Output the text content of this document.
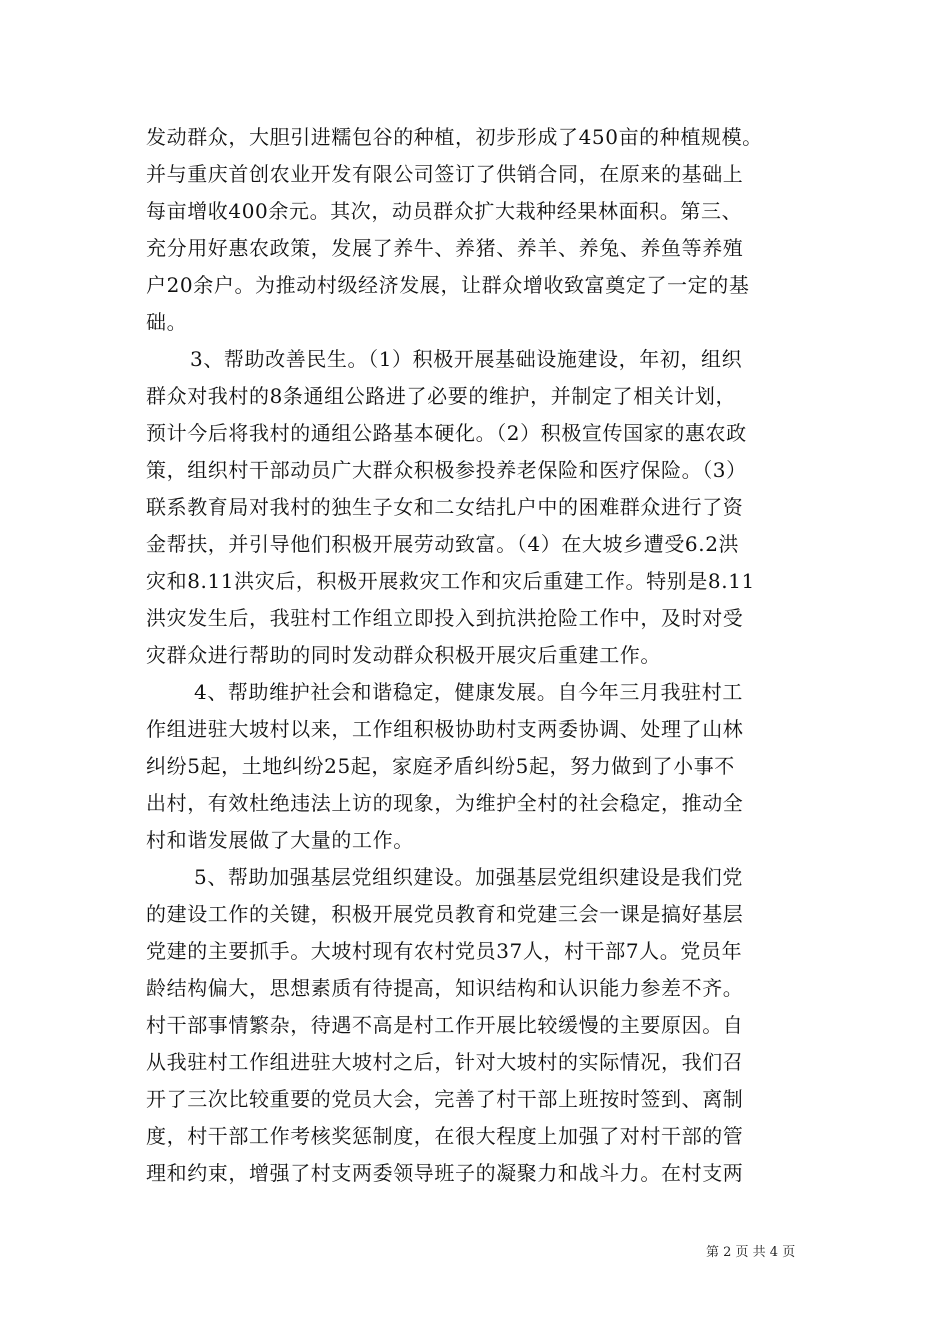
发动群众，大胆引进糯包谷的种植，初步形成了450亩的种植规模。
并与重庆首创农业开发有限公司签订了供销合同，在原来的基础上
每亩增收400余元。其次，动员群众扩大栽种经果林面积。第三、
充分用好惠农政策，发展了养牛、养猪、养羊、养兔、养鱼等养殖
户20余户。为推动村级经济发展，让群众增收致富奠定了一定的基
础。
3、帮助改善民生。（1）积极开展基础设施建设，年初，组织
群众对我村的8条通组公路进了必要的维护，并制定了相关计划，
预计今后将我村的通组公路基本硬化。（2）积极宣传国家的惠农政
策，组织村干部动员广大群众积极参投养老保险和医疗保险。（3）
联系教育局对我村的独生子女和二女结扎户中的困难群众进行了资
金帮扶，并引导他们积极开展劳动致富。（4）在大坡乡遭受6.2洪
灾和8.11洪灾后，积极开展救灾工作和灾后重建工作。特别是8.11
洪灾发生后，我驻村工作组立即投入到抗洪抢险工作中，及时对受
灾群众进行帮助的同时发动群众积极开展灾后重建工作。
4、帮助维护社会和谐稳定，健康发展。自今年三月我驻村工
作组进驻大坡村以来，工作组积极协助村支两委协调、处理了山林
纠纷5起，土地纠纷25起，家庭矛盾纠纷5起，努力做到了小事不
出村，有效杜绝违法上访的现象，为维护全村的社会稳定，推动全
村和谐发展做了大量的工作。
5、帮助加强基层党组织建设。加强基层党组织建设是我们党
的建设工作的关键，积极开展党员教育和党建三会一课是搞好基层
党建的主要抓手。大坡村现有农村党员37人，村干部7人。党员年
龄结构偏大，思想素质有待提高，知识结构和认识能力参差不齐。
村干部事情繁杂，待遇不高是村工作开展比较缓慢的主要原因。自
从我驻村工作组进驻大坡村之后，针对大坡村的实际情况，我们召
开了三次比较重要的党员大会，完善了村干部上班按时签到、离制
度，村干部工作考核奖惩制度，在很大程度上加强了对村干部的管
理和约束，增强了村支两委领导班子的凝聚力和战斗力。在村支两
第 2 页 共 4 页
